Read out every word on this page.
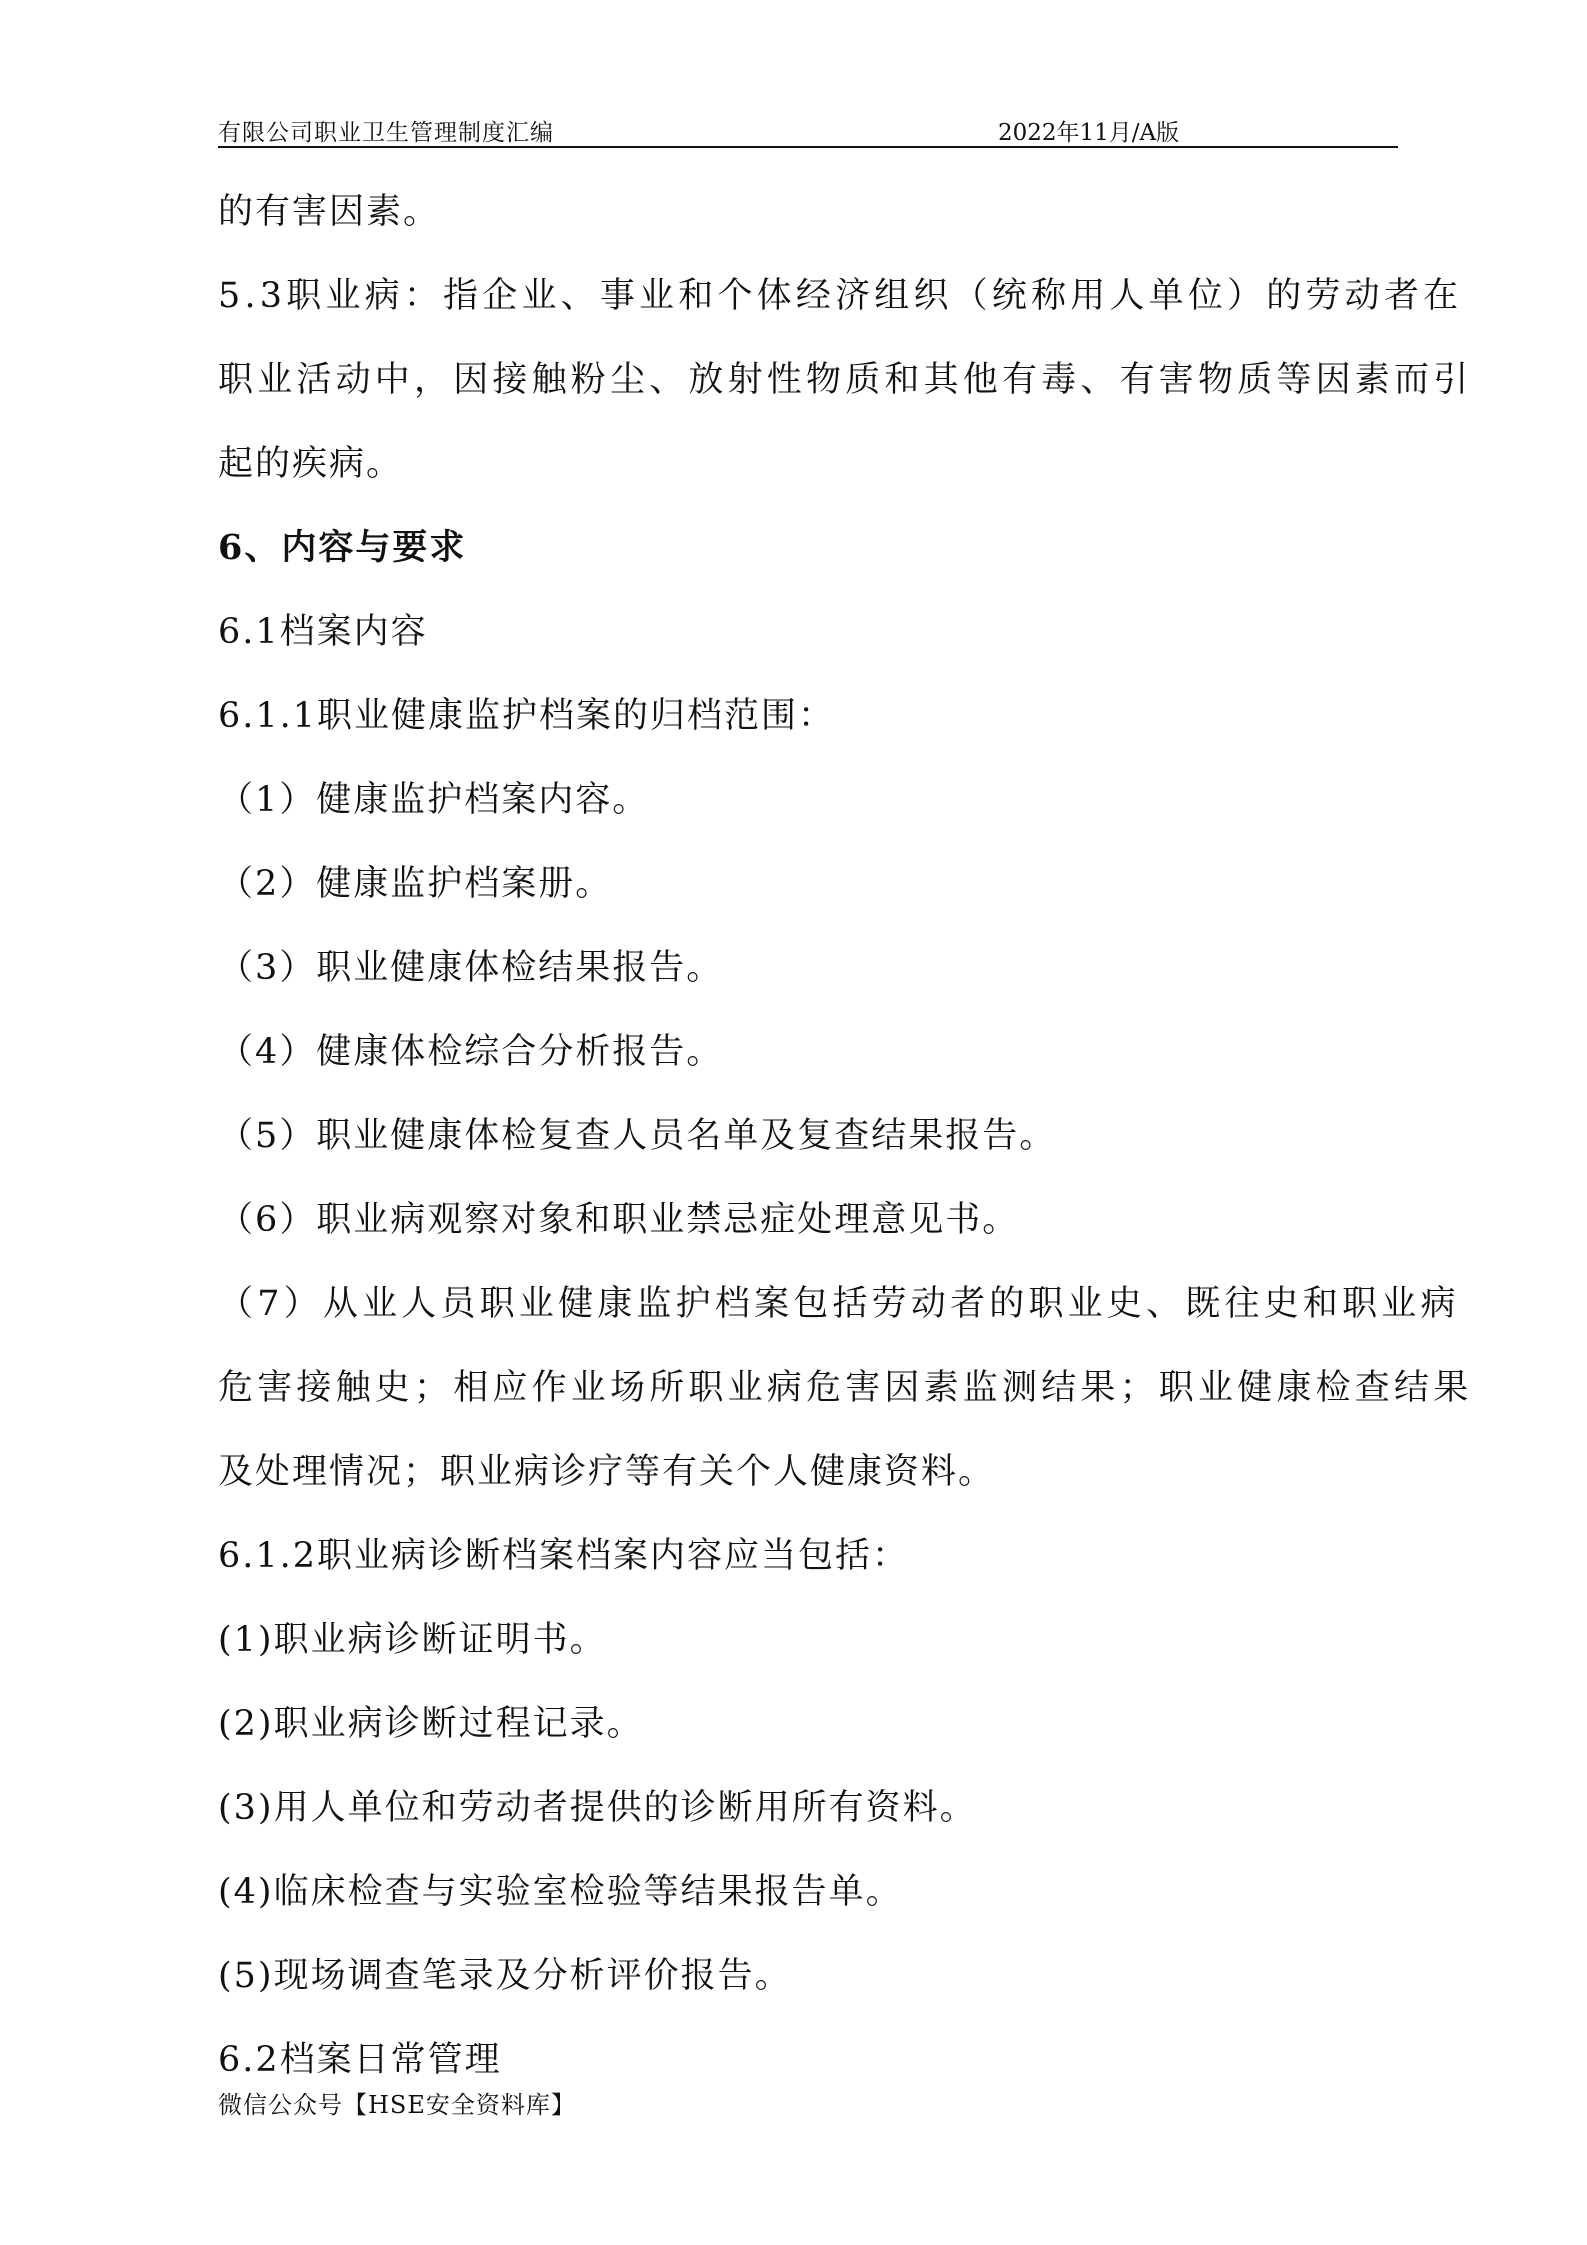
有限公司职业卫生管理制度汇编	2022年11月/A版
的有害因素。
5.3职业病：指企业、事业和个体经济组织（统称用人单位）的劳动者在
职业活动中，因接触粉尘、放射性物质和其他有毒、有害物质等因素而引
起的疾病。
6、内容与要求
6.1档案内容
6.1.1职业健康监护档案的归档范围：
（1）健康监护档案内容。
（2）健康监护档案册。
（3）职业健康体检结果报告。
（4）健康体检综合分析报告。
（5）职业健康体检复查人员名单及复查结果报告。
（6）职业病观察对象和职业禁忌症处理意见书。
（7）从业人员职业健康监护档案包括劳动者的职业史、既往史和职业病
危害接触史；相应作业场所职业病危害因素监测结果；职业健康检查结果
及处理情况；职业病诊疗等有关个人健康资料。
6.1.2职业病诊断档案档案内容应当包括：
(1)职业病诊断证明书。
(2)职业病诊断过程记录。
(3)用人单位和劳动者提供的诊断用所有资料。
(4)临床检查与实验室检验等结果报告单。
(5)现场调查笔录及分析评价报告。
6.2档案日常管理
微信公众号【HSE安全资料库】
